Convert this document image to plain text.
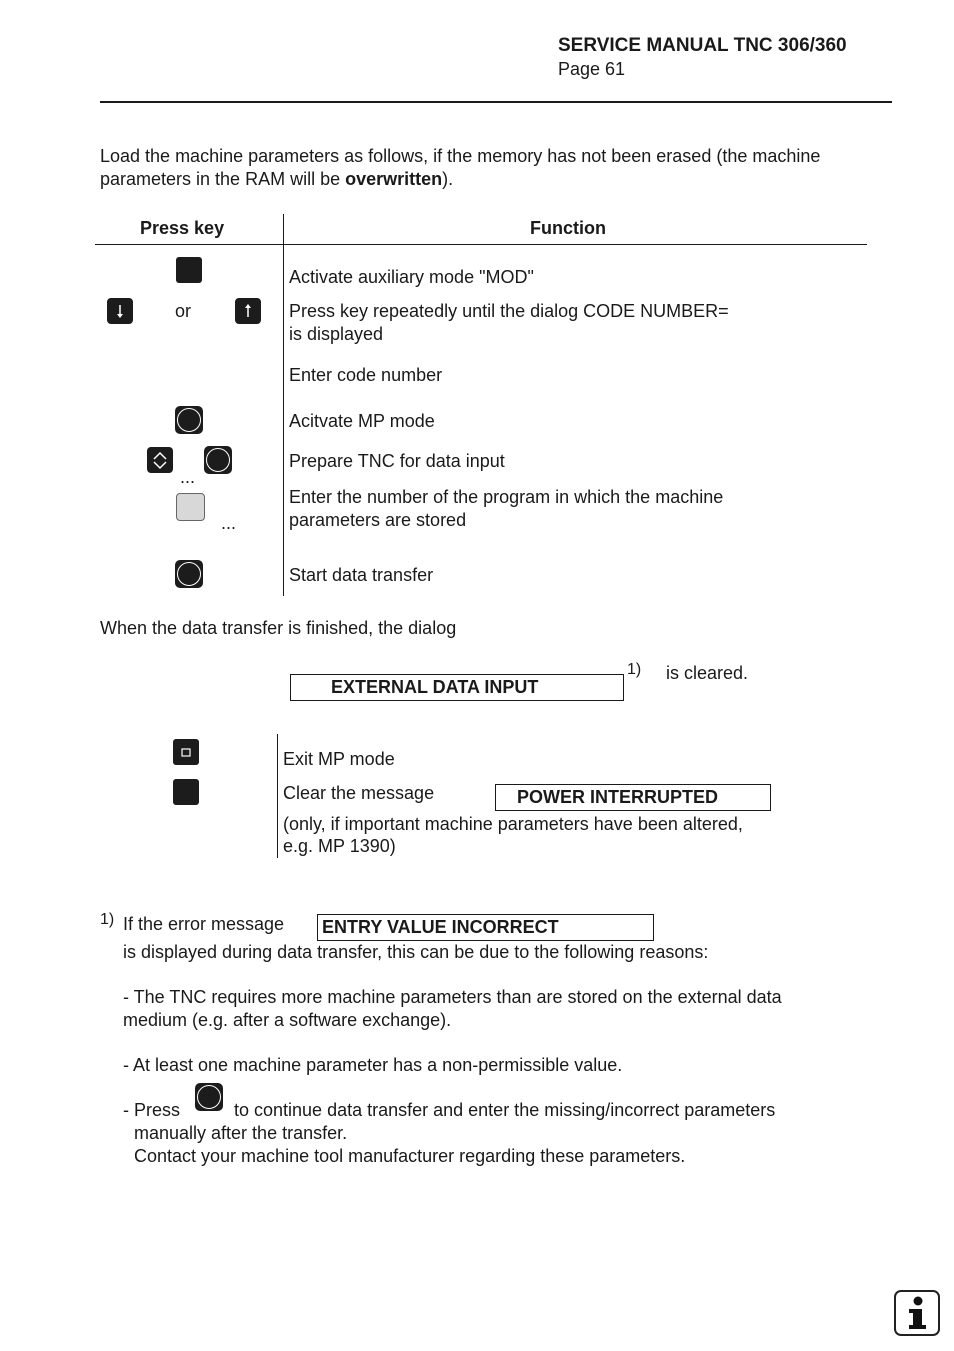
SERVICE MANUAL TNC 306/360
Page 61
Load the machine parameters as follows, if the memory has not been erased (the machine
parameters in the RAM will be overwritten).
Press key	Function
Activate auxiliary mode "MOD"
or	Press key repeatedly until the dialog CODE NUMBER=
is displayed
Enter code number
Acitvate MP mode
...
Prepare TNC for data input
...
Enter the number of the program in which the machine
parameters are stored
Start data transfer
When the data transfer is finished, the dialog
EXTERNAL DATA INPUT
1) is cleared.
Exit MP mode
Clear the message	POWER INTERRUPTED
(only, if important machine parameters have been altered,
e.g. MP 1390)
1) If the error message ENTRY VALUE INCORRECT
is displayed during data transfer, this can be due to the following reasons:
- The TNC requires more machine parameters than are stored on the external data
medium (e.g. after a software exchange).
- At least one machine parameter has a non-permissible value.
- Press	to continue data transfer and enter the missing/incorrect parameters
manually after the transfer.
Contact your machine tool manufacturer regarding these parameters.
